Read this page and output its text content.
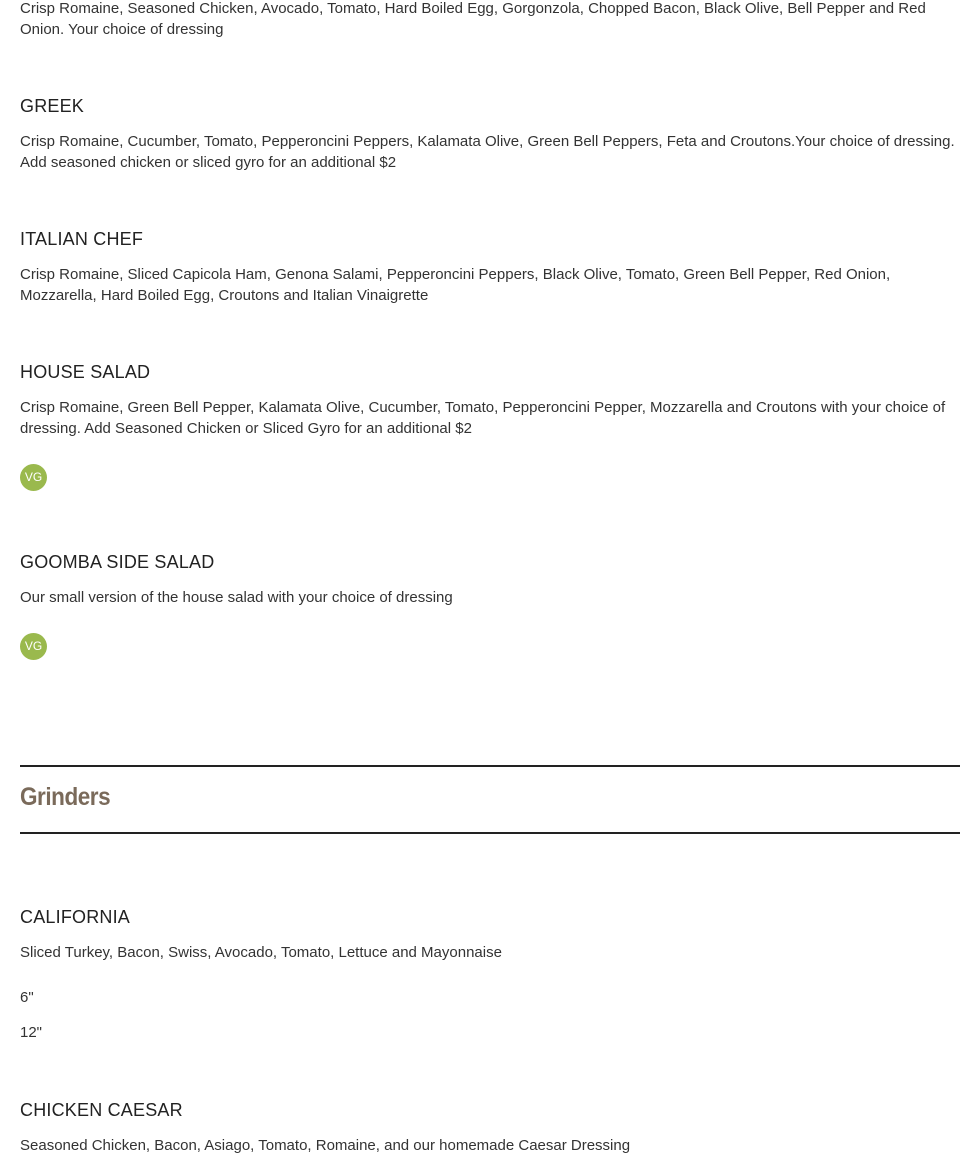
Crisp Romaine, Seasoned Chicken, Avocado, Tomato, Hard Boiled Egg, Gorgonzola, Chopped Bacon, Black Olive, Bell Pepper and Red Onion. Your choice of dressing
GREEK
Crisp Romaine, Cucumber, Tomato, Pepperoncini Peppers, Kalamata Olive, Green Bell Peppers, Feta and Croutons.Your choice of dressing. Add seasoned chicken or sliced gyro for an additional $2
ITALIAN CHEF
Crisp Romaine, Sliced Capicola Ham, Genona Salami, Pepperoncini Peppers, Black Olive, Tomato, Green Bell Pepper, Red Onion, Mozzarella, Hard Boiled Egg, Croutons and Italian Vinaigrette
HOUSE SALAD
Crisp Romaine, Green Bell Pepper, Kalamata Olive, Cucumber, Tomato, Pepperoncini Pepper, Mozzarella and Croutons with your choice of dressing. Add Seasoned Chicken or Sliced Gyro for an additional $2
VG
GOOMBA SIDE SALAD
Our small version of the house salad with your choice of dressing
VG
Grinders
CALIFORNIA
Sliced Turkey, Bacon, Swiss, Avocado, Tomato, Lettuce and Mayonnaise
6"
12"
CHICKEN CAESAR
Seasoned Chicken, Bacon, Asiago, Tomato, Romaine, and our homemade Caesar Dressing
